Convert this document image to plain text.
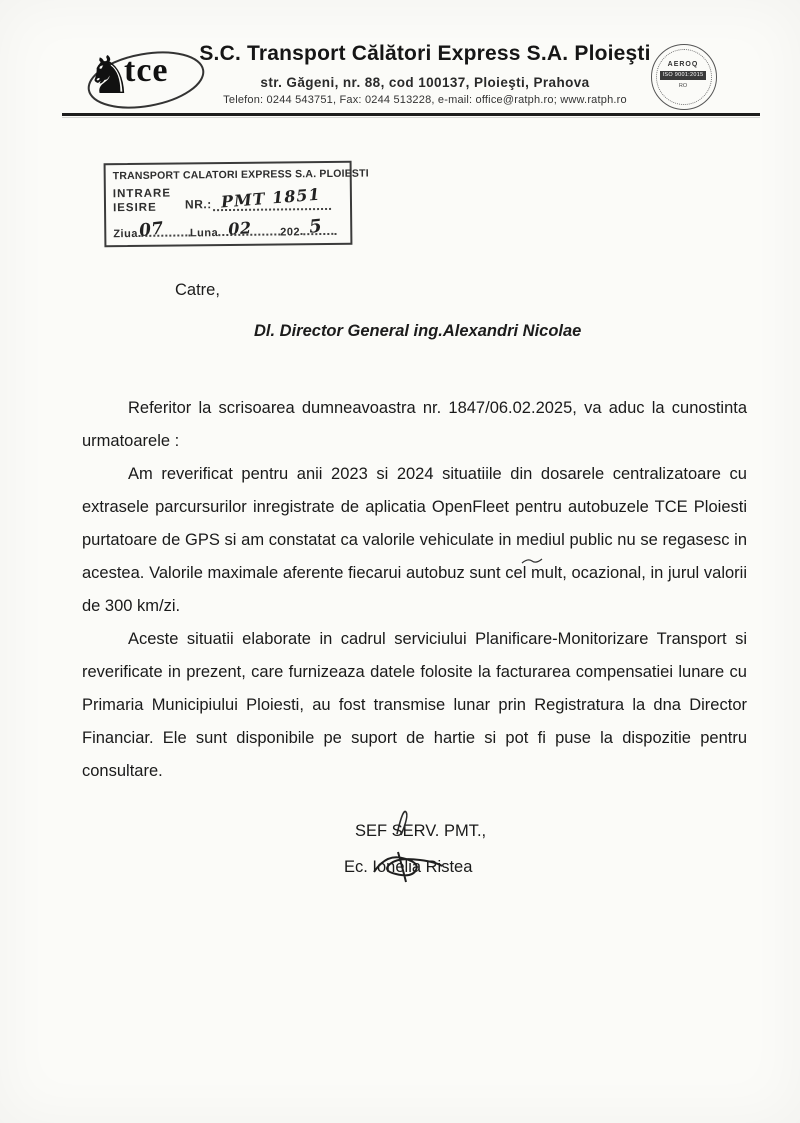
♞
tce	S.C. Transport Călători Express S.A. Ploieşti
str. Găgeni, nr. 88, cod 100137, Ploieşti, Prahova
Telefon: 0244 543751, Fax: 0244 513228, e-mail: office@ratph.ro; www.ratph.ro
AEROQ
ISO 9001:2015
RO
TRANSPORT CALATORI EXPRESS S.A. PLOIESTI
INTRARE
NR.: PMT 1851
IESIRE
Ziua	Luna	202
07	02	5
Catre,
Dl. Director General ing.Alexandri Nicolae

Referitor la scrisoarea dumneavoastra nr. 1847/06.02.2025, va aduc la cunostinta urmatoarele :

Am reverificat pentru anii 2023 si 2024 situatiile din dosarele centralizatoare cu extrasele parcursurilor inregistrate de aplicatia OpenFleet pentru autobuzele TCE Ploiesti purtatoare de GPS si am constatat ca valorile vehiculate in mediul public nu se regasesc in acestea. Valorile maximale aferente fiecarui autobuz sunt cel mult, ocazional, in jurul valorii de 300 km/zi.

Aceste situatii elaborate in cadrul serviciului Planificare-Monitorizare Transport si reverificate in prezent, care furnizeaza datele folosite la facturarea compensatiei lunare cu Primaria Municipiului Ploiesti, au fost transmise lunar prin Registratura la dna Director Financiar. Ele sunt disponibile pe suport de hartie si pot fi puse la dispozitie pentru consultare.

SEF SERV. PMT.,
Ec. Ionelia Ristea
